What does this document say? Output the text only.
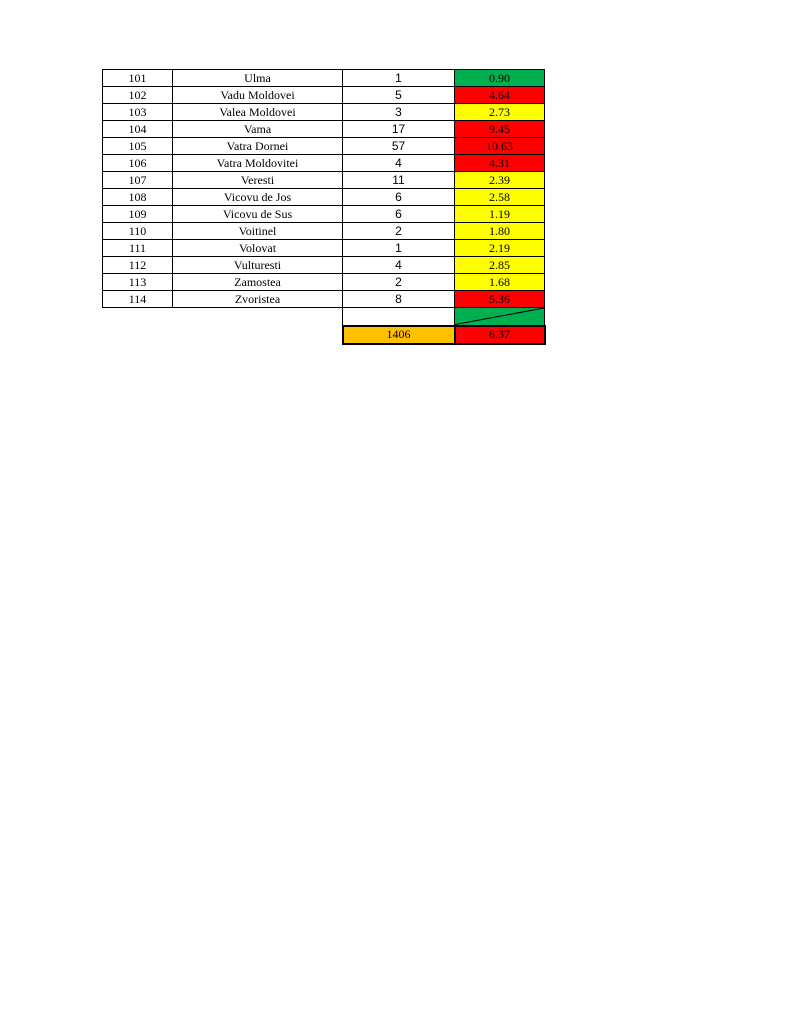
101	Ulma	1	0.90
102	Vadu Moldovei	5	4.64
103	Valea Moldovei	3	2.73
104	Vama	17	9.45
105	Vatra Dornei	57	10.63
106	Vatra Moldovitei	4	4.31
107	Veresti	11	2.39
108	Vicovu de Jos	6	2.58
109	Vicovu de Sus	6	1.19
110	Voitinel	2	1.80
111	Volovat	1	2.19
112	Vulturesti	4	2.85
113	Zamostea	2	1.68
114	Zvoristea	8	5.36

		1406	6.37
